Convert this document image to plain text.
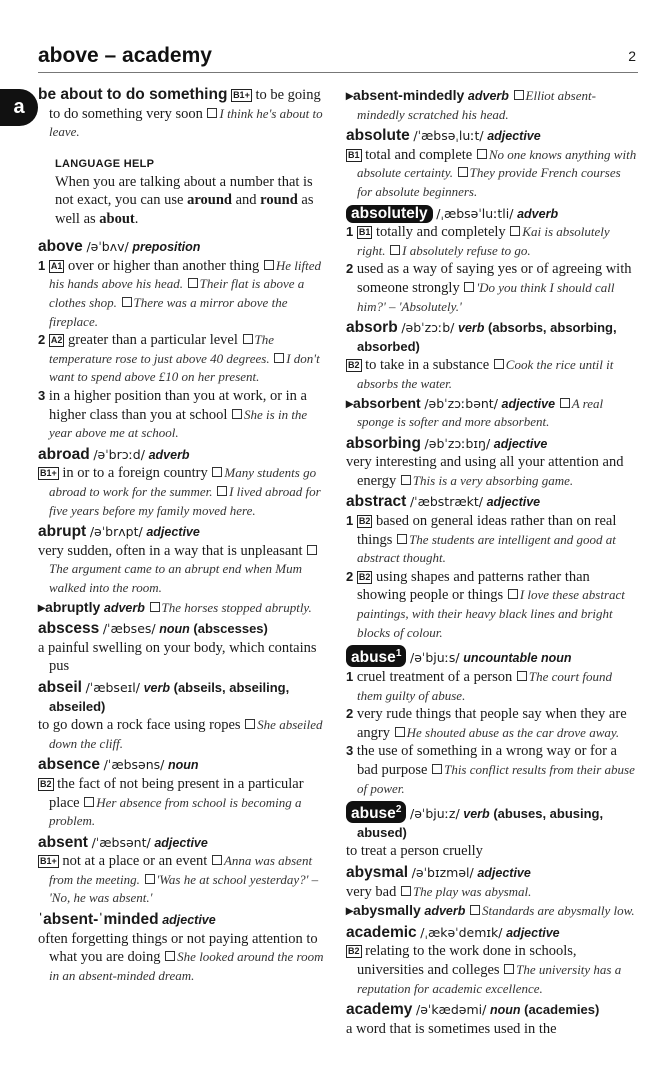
above – academy	2
a
be about to do something B1+ to be going to do something very soon I think he's about to leave.
LANGUAGE HELP
When you are talking about a number that is not exact, you can use around and round as well as about.
above /əˈbʌv/ preposition
1 A1 over or higher than another thing He lifted his hands above his head. Their flat is above a clothes shop. There was a mirror above the fireplace.
2 A2 greater than a particular level The temperature rose to just above 40 degrees. I don't want to spend above £10 on her present.
3 in a higher position than you at work, or in a higher class than you at school She is in the year above me at school.
abroad /əˈbrɔːd/ adverb
B1+ in or to a foreign country Many students go abroad to work for the summer. I lived abroad for five years before my family moved here.
abrupt /əˈbrʌpt/ adjective
very sudden, often in a way that is unpleasant The argument came to an abrupt end when Mum walked into the room.
▸abruptly adverb The horses stopped abruptly.
abscess /ˈæbses/ noun (abscesses)
a painful swelling on your body, which contains pus
abseil /ˈæbseɪl/ verb (abseils, abseiling, abseiled)
to go down a rock face using ropes She abseiled down the cliff.
absence /ˈæbsəns/ noun
B2 the fact of not being present in a particular place Her absence from school is becoming a problem.
absent /ˈæbsənt/ adjective
B1+ not at a place or an event Anna was absent from the meeting. 'Was he at school yesterday?' – 'No, he was absent.'
ˈabsent-ˈminded adjective
often forgetting things or not paying attention to what you are doing She looked around the room in an absent-minded dream.
▸absent-mindedly adverb Elliot absent-mindedly scratched his head.
absolute /ˈæbsəˌluːt/ adjective
B1 total and complete No one knows anything with absolute certainty. They provide French courses for absolute beginners.
absolutely /ˌæbsəˈluːtli/ adverb
1 B1 totally and completely Kai is absolutely right. I absolutely refuse to go.
2 used as a way of saying yes or of agreeing with someone strongly 'Do you think I should call him?' – 'Absolutely.'
absorb /əbˈzɔːb/ verb (absorbs, absorbing, absorbed)
B2 to take in a substance Cook the rice until it absorbs the water.
▸absorbent /əbˈzɔːbənt/ adjective A real sponge is softer and more absorbent.
absorbing /əbˈzɔːbɪŋ/ adjective
very interesting and using all your attention and energy This is a very absorbing game.
abstract /ˈæbstrækt/ adjective
1 B2 based on general ideas rather than on real things The students are intelligent and good at abstract thought.
2 B2 using shapes and patterns rather than showing people or things I love these abstract paintings, with their heavy black lines and bright blocks of colour.
abuse$^1$ /əˈbjuːs/ uncountable noun
1 cruel treatment of a person The court found them guilty of abuse.
2 very rude things that people say when they are angry He shouted abuse as the car drove away.
3 the use of something in a wrong way or for a bad purpose This conflict results from their abuse of power.
abuse$^2$ /əˈbjuːz/ verb (abuses, abusing, abused)
to treat a person cruelly
abysmal /əˈbɪzməl/ adjective
very bad The play was abysmal.
▸abysmally adverb Standards are abysmally low.
academic /ˌækəˈdemɪk/ adjective
B2 relating to the work done in schools, universities and colleges The university has a reputation for academic excellence.
academy /əˈkædəmi/ noun (academies)
a word that is sometimes used in the
